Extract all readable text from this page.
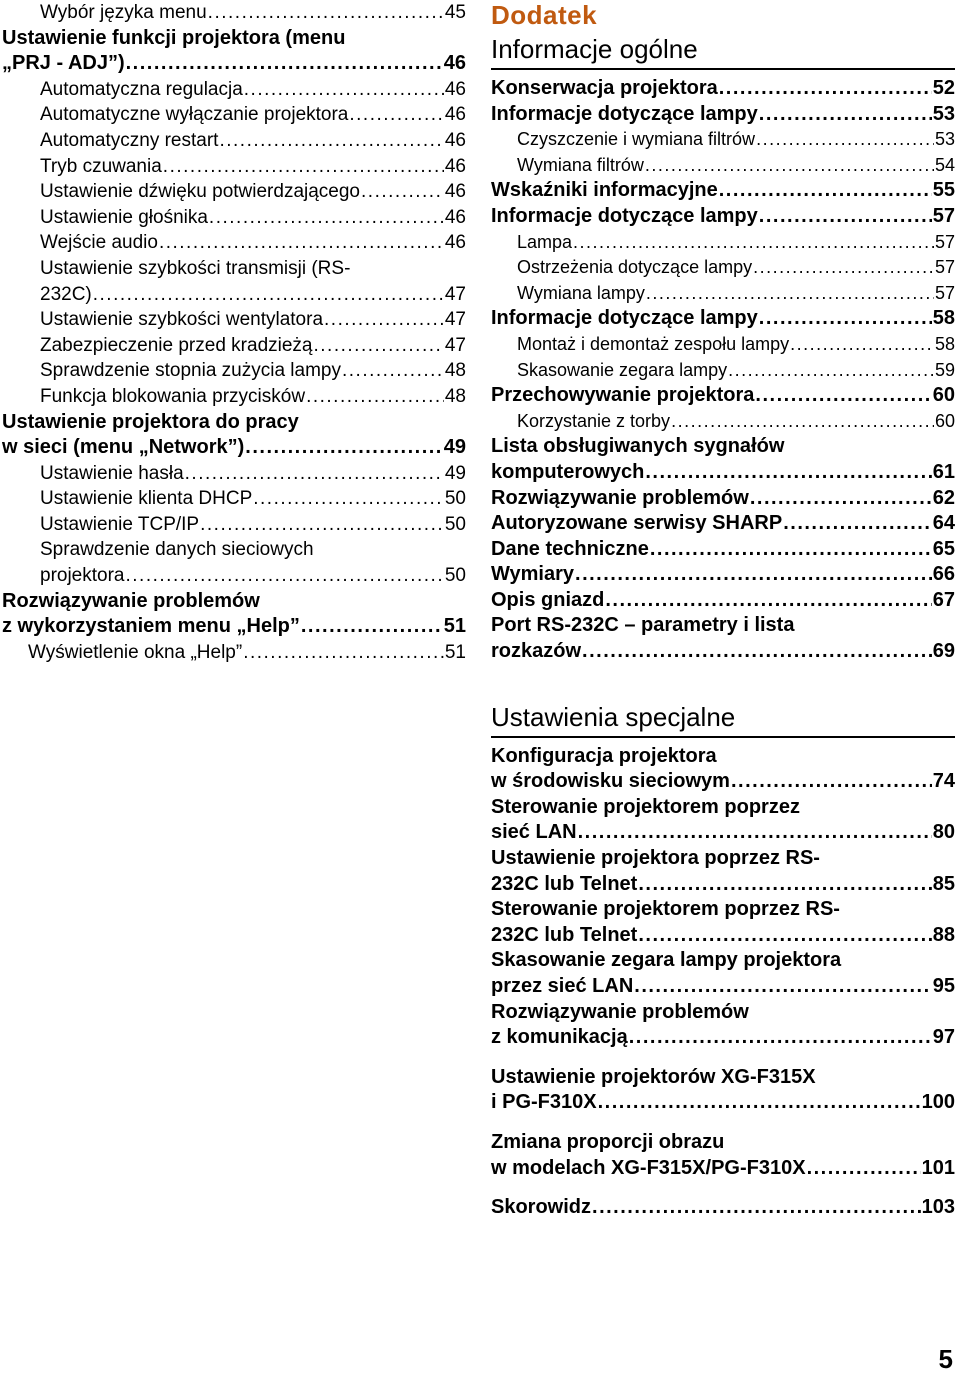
Wybór języka menu .....	45
Ustawienie funkcji projektora (menu
„PRJ - ADJ”) .....	46
Automatyczna regulacja .....	46
Automatyczne wyłączanie projektora .....	46
Automatyczny restart .....	46
Tryb czuwania .....	46
Ustawienie dźwięku potwierdzającego .....	46
Ustawienie głośnika .....	46
Wejście audio .....	46
Ustawienie szybkości transmisji (RS-
232C) .....	47
Ustawienie szybkości wentylatora .....	47
Zabezpieczenie przed kradzieżą .....	47
Sprawdzenie stopnia zużycia lampy .....	48
Funkcja blokowania przycisków .....	48
Ustawienie projektora do pracy
w sieci (menu „Network”) .....	49
Ustawienie hasła .....	49
Ustawienie klienta DHCP .....	50
Ustawienie TCP/IP .....	50
Sprawdzenie danych sieciowych
projektora .....	50
Rozwiązywanie problemów
z wykorzystaniem menu „Help” .....	51
Wyświetlenie okna „Help” .....	51
Dodatek
Informacje ogólne
Konserwacja projektora .....	52
Informacje dotyczące lampy .....	53
Czyszczenie i wymiana filtrów .....	53
Wymiana filtrów .....	54
Wskaźniki informacyjne .....	55
Informacje dotyczące lampy .....	57
Lampa .....	57
Ostrzeżenia dotyczące lampy .....	57
Wymiana lampy .....	57
Informacje dotyczące lampy .....	58
Montaż i demontaż zespołu lampy .....	58
Skasowanie zegara lampy .....	59
Przechowywanie projektora .....	60
Korzystanie z torby .....	60
Lista obsługiwanych sygnałów
komputerowych .....	61
Rozwiązywanie problemów .....	62
Autoryzowane serwisy SHARP .....	64
Dane techniczne .....	65
Wymiary .....	66
Opis gniazd .....	67
Port RS-232C – parametry i lista
rozkazów .....	69
Ustawienia specjalne
Konfiguracja projektora
w środowisku sieciowym .....	74
Sterowanie projektorem poprzez
sieć LAN .....	80
Ustawienie projektora poprzez RS-
232C lub Telnet .....	85
Sterowanie projektorem poprzez RS-
232C lub Telnet .....	88
Skasowanie zegara lampy projektora
przez sieć LAN .....	95
Rozwiązywanie problemów
z komunikacją .....	97
Ustawienie projektorów XG-F315X
i PG-F310X .....	100
Zmiana proporcji obrazu
w modelach XG-F315X/PG-F310X .....	101
Skorowidz .....	103
5
